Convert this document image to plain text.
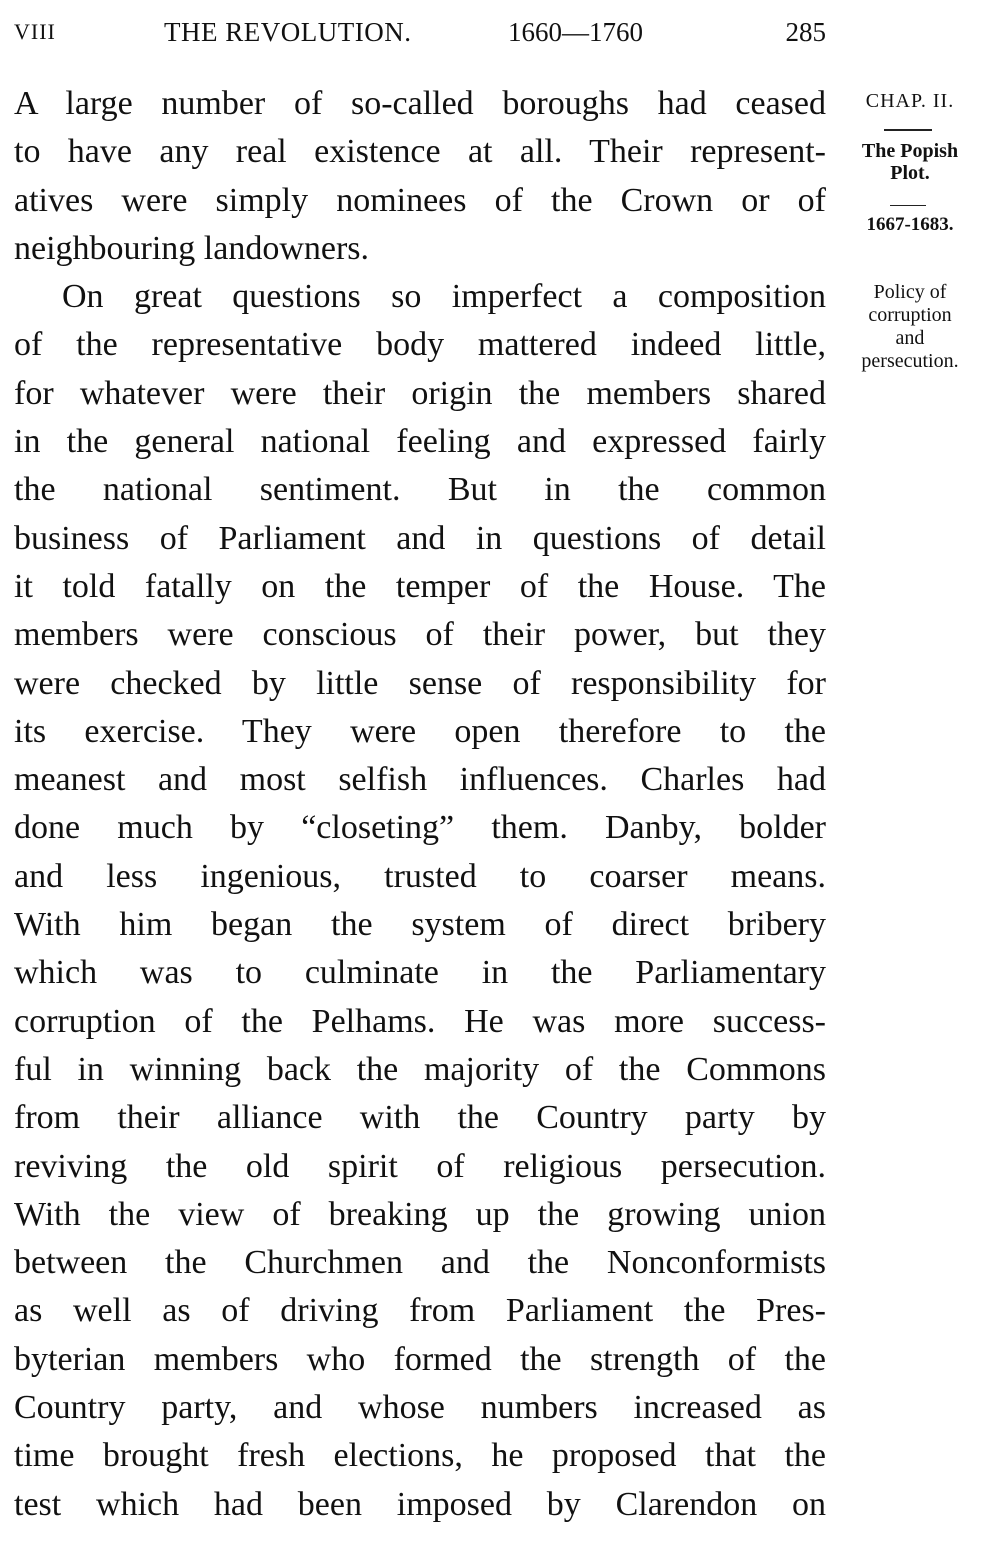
VIII	THE REVOLUTION.	1660—1760	285
A large number of so-called boroughs had ceased
to have any real existence at all. Their represent-
atives were simply nominees of the Crown or of
neighbouring landowners.
On great questions so imperfect a composition
of the representative body mattered indeed little,
for whatever were their origin the members shared
in the general national feeling and expressed fairly
the national sentiment. But in the common
business of Parliament and in questions of detail
it told fatally on the temper of the House. The
members were conscious of their power, but they
were checked by little sense of responsibility for
its exercise. They were open therefore to the
meanest and most selfish influences. Charles had
done much by “closeting” them. Danby, bolder
and less ingenious, trusted to coarser means.
With him began the system of direct bribery
which was to culminate in the Parliamentary
corruption of the Pelhams. He was more success-
ful in winning back the majority of the Commons
from their alliance with the Country party by
reviving the old spirit of religious persecution.
With the view of breaking up the growing union
between the Churchmen and the Nonconformists
as well as of driving from Parliament the Pres-
byterian members who formed the strength of the
Country party, and whose numbers increased as
time brought fresh elections, he proposed that the
test which had been imposed by Clarendon on
CHAP. II.
The Popish
Plot.
1667-1683.
Policy of
corruption
and
persecution.
